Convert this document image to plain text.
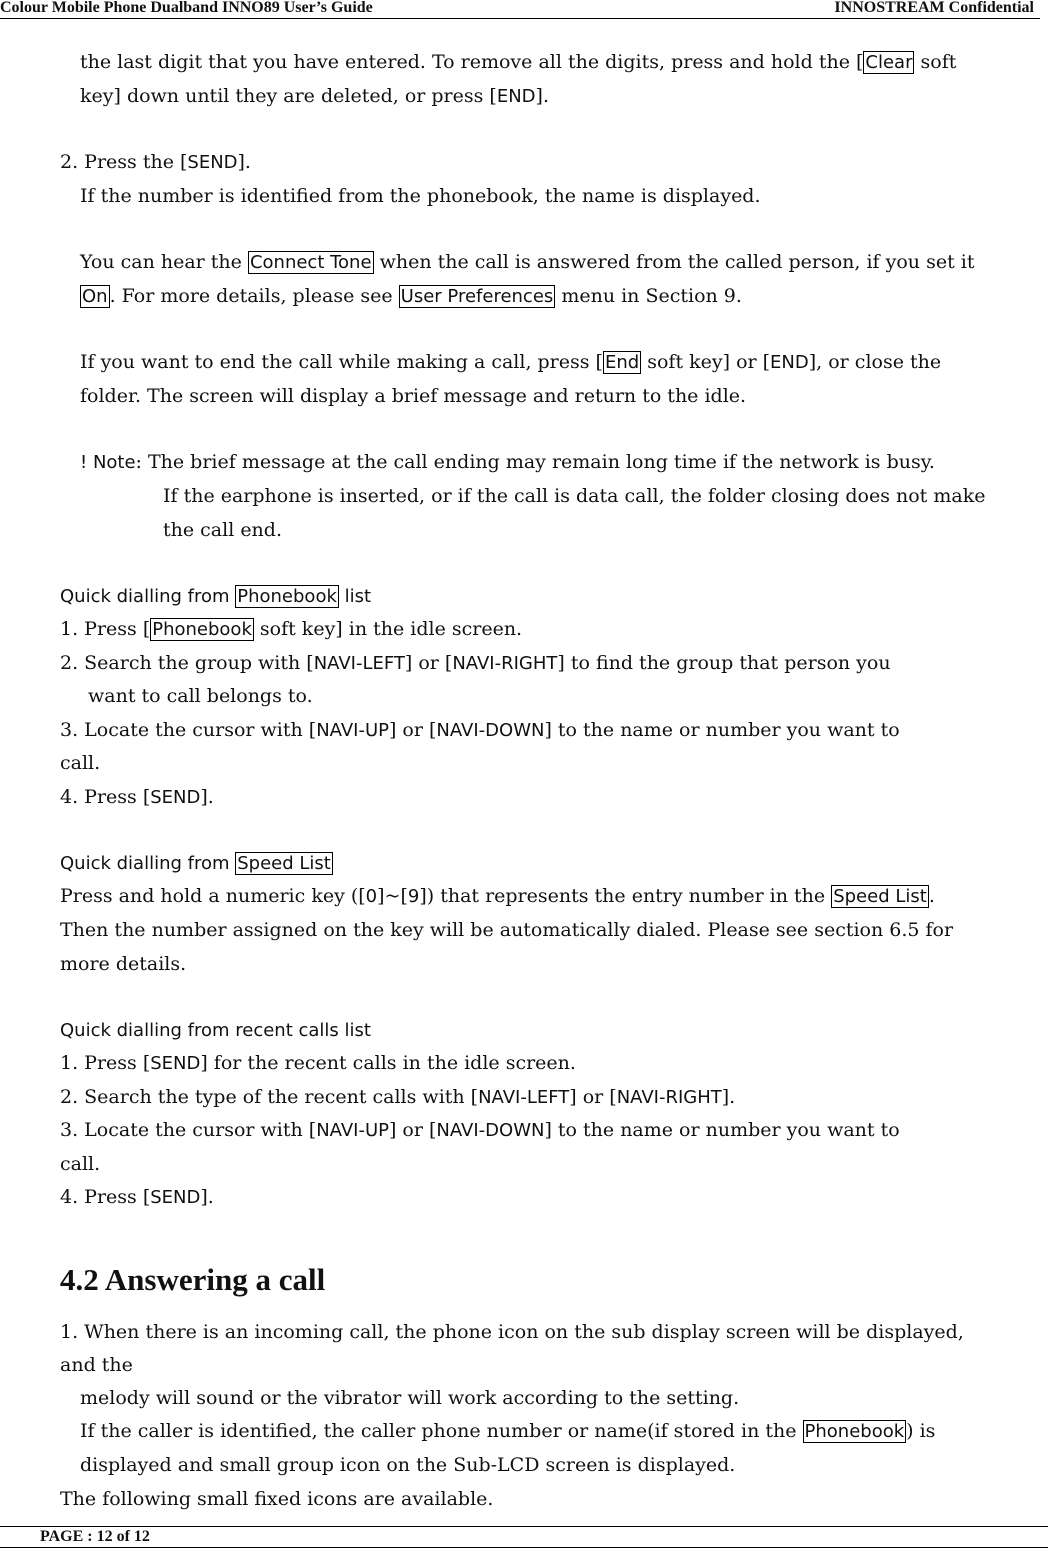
Colour Mobile Phone Dualband INNO89 User’s Guide	INNOSTREAM Confidential
the last digit that you have entered. To remove all the digits, press and hold the [ Clear soft
key] down until they are deleted, or press [END].
2. Press the [SEND].
If the number is identified from the phonebook, the name is displayed.
You can hear the Connect Tone when the call is answered from the called person, if you set it
On . For more details, please see User Preferences menu in Section 9.
If you want to end the call while making a call, press [ End soft key] or [END], or close the
folder. The screen will display a brief message and return to the idle.
! Note: The brief message at the call ending may remain long time if the network is busy.
If the earphone is inserted, or if the call is data call, the folder closing does not make
the call end.
Quick dialling from Phonebook list
1. Press [ Phonebook soft key] in the idle screen.
2. Search the group with [NAVI-LEFT] or [NAVI-RIGHT] to find the group that person you
want to call belongs to.
3. Locate the cursor with [NAVI-UP] or [NAVI-DOWN] to the name or number you want to
call.
4. Press [SEND].
Quick dialling from Speed List
Press and hold a numeric key ([0]~[9]) that represents the entry number in the Speed List .
Then the number assigned on the key will be automatically dialed. Please see section 6.5 for
more details.
Quick dialling from recent calls list
1. Press [SEND] for the recent calls in the idle screen.
2. Search the type of the recent calls with [NAVI-LEFT] or [NAVI-RIGHT].
3. Locate the cursor with [NAVI-UP] or [NAVI-DOWN] to the name or number you want to
call.
4. Press [SEND].
4.2 Answering a call
1. When there is an incoming call, the phone icon on the sub display screen will be displayed,
and the
melody will sound or the vibrator will work according to the setting.
If the caller is identified, the caller phone number or name(if stored in the Phonebook ) is
displayed and small group icon on the Sub-LCD screen is displayed.
The following small fixed icons are available.
PAGE : 12 of 12
